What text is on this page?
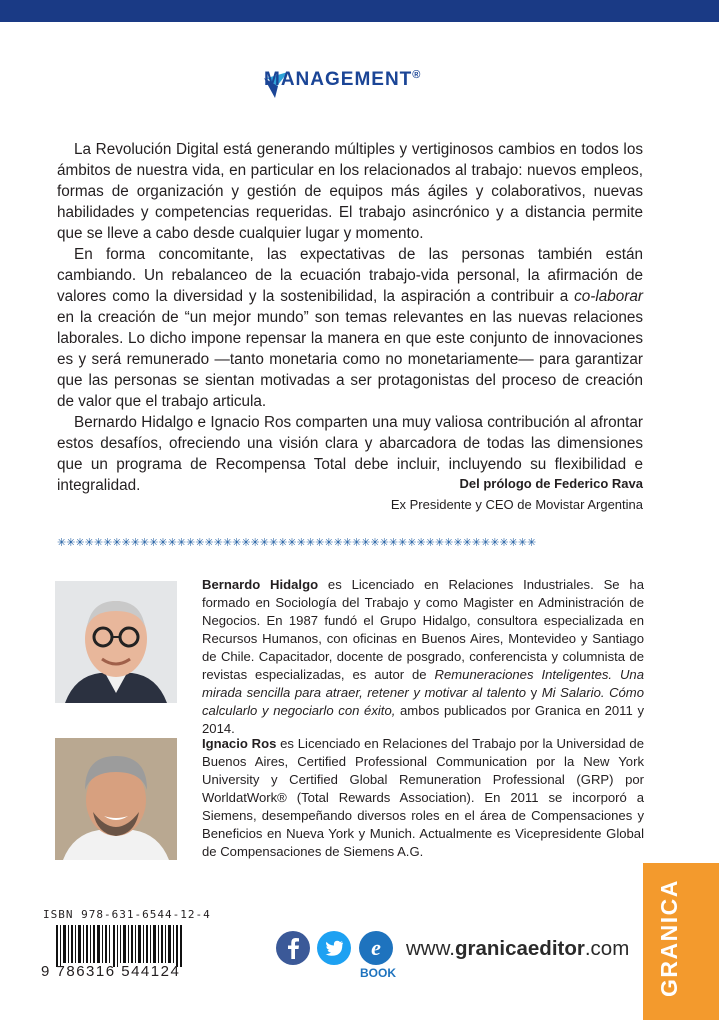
MANAGEMENT®

La Revolución Digital está generando múltiples y vertiginosos cambios en todos los ámbitos de nuestra vida, en particular en los relacionados al trabajo: nuevos empleos, formas de organización y gestión de equipos más ágiles y colaborativos, nuevas habilidades y competencias requeridas. El trabajo asincrónico y a distancia permite que se lleve a cabo desde cualquier lugar y momento.

En forma concomitante, las expectativas de las personas también están cambiando. Un rebalanceo de la ecuación trabajo-vida personal, la afirmación de valores como la diversidad y la sostenibilidad, la aspiración a contribuir a co-laborar en la creación de “un mejor mundo” son temas relevantes en las nuevas relaciones laborales. Lo dicho impone repensar la manera en que este conjunto de innovaciones es y será remunerado —tanto monetaria como no monetariamente— para garantizar que las personas se sientan motivadas a ser protagonistas del proceso de creación de valor que el trabajo articula.

Bernardo Hidalgo e Ignacio Ros comparten una muy valiosa contribución al afrontar estos desafíos, ofreciendo una visión clara y abarcadora de todas las dimensiones que un programa de Recompensa Total debe incluir, incluyendo su flexibilidad e integralidad.	Del prólogo de Federico Rava
Ex Presidente y CEO de Movistar Argentina
✳✳✳✳✳✳✳✳✳✳✳✳✳✳✳✳✳✳✳✳✳✳✳✳✳✳✳✳✳✳✳✳✳✳✳✳✳✳✳✳✳✳✳✳✳✳✳✳✳✳✳✳
Bernardo Hidalgo es Licenciado en Relaciones Industriales. Se ha formado en Sociología del Trabajo y como Magister en Administración de Negocios. En 1987 fundó el Grupo Hidalgo, consultora especializada en Recursos Humanos, con oficinas en Buenos Aires, Montevideo y Santiago de Chile. Capacitador, docente de posgrado, conferencista y columnista de revistas especializadas, es autor de Remuneraciones Inteligentes. Una mirada sencilla para atraer, retener y motivar al talento y Mi Salario. Cómo calcularlo y negociarlo con éxito, ambos publicados por Granica en 2011 y 2014.
Ignacio Ros es Licenciado en Relaciones del Trabajo por la Universidad de Buenos Aires, Certified Professional Communication por la New York University y Certified Global Remuneration Professional (GRP) por WorldatWork® (Total Rewards Association). En 2011 se incorporó a Siemens, desempeñando diversos roles en el área de Compensaciones y Beneficios en Nueva York y Munich. Actualmente es Vicepresidente Global de Compensaciones de Siemens A.G.
ISBN 978-631-6544-12-4
9 786316 544124
e
BOOK
www.granicaeditor.com GRANICA
